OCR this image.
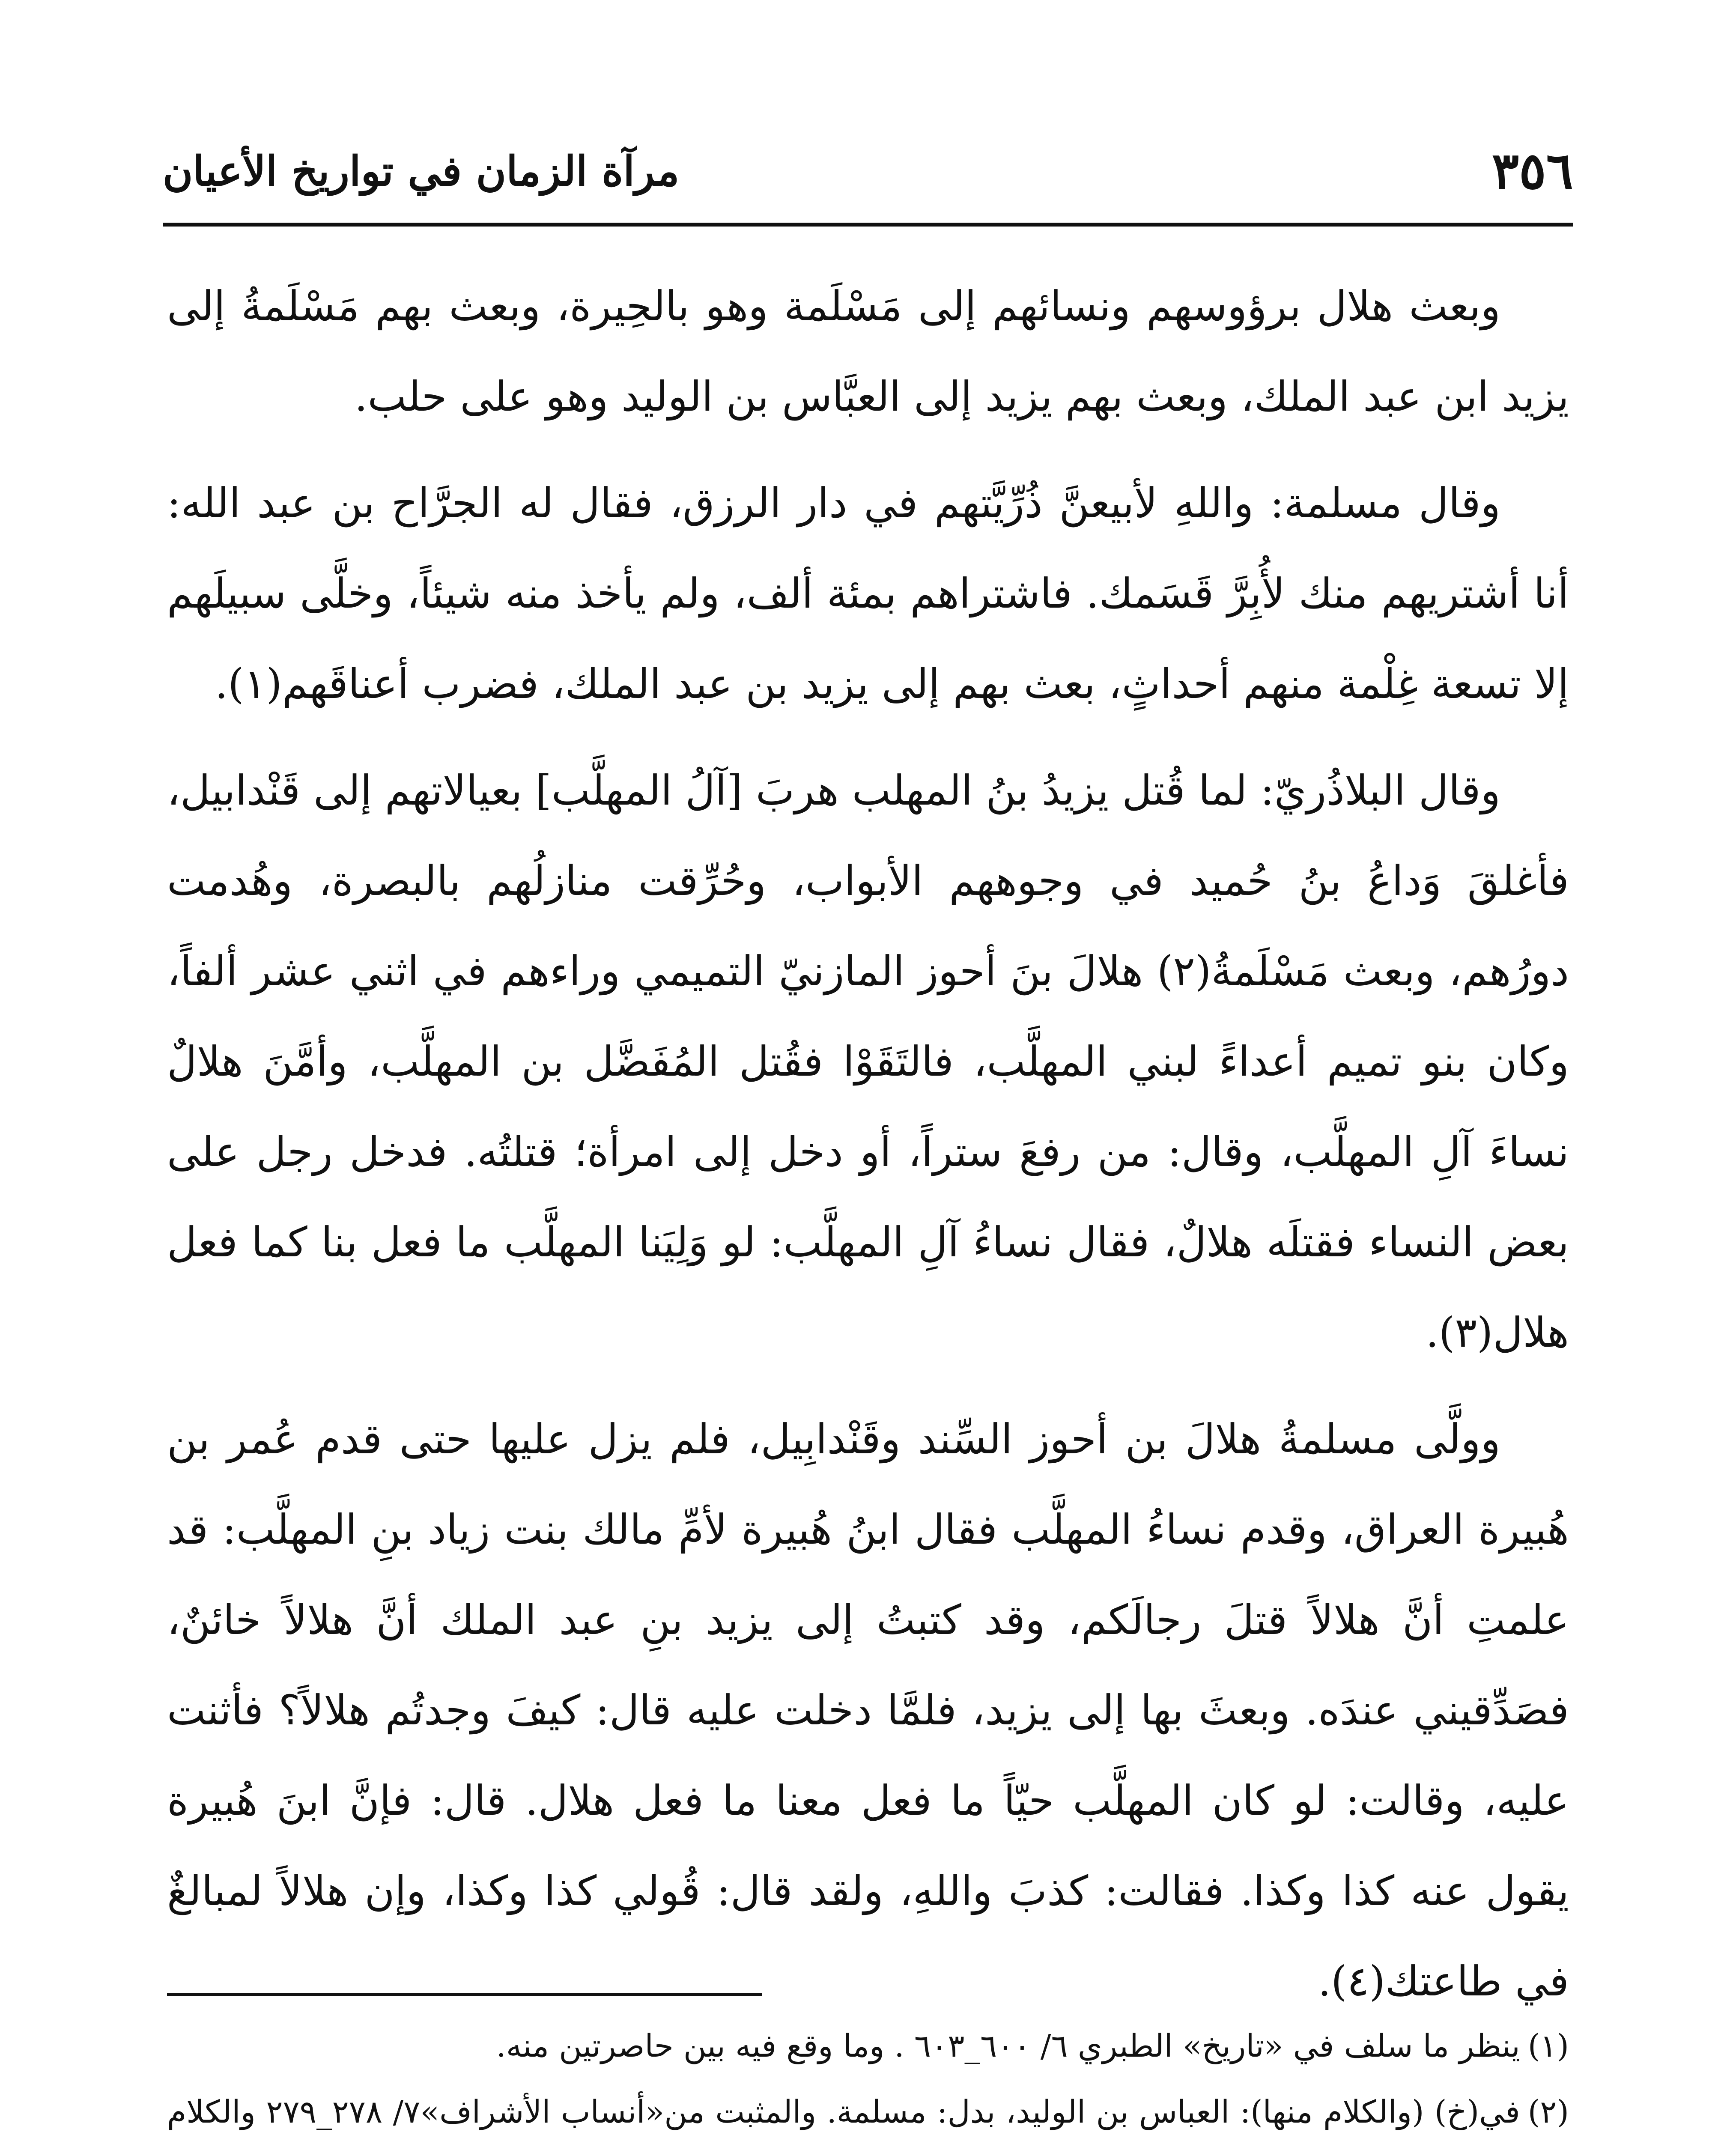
٣٥٦
مرآة الزمان في تواريخ الأعيان

وبعث هلال برؤوسهم ونسائهم إلى مَسْلَمة وهو بالحِيرة، وبعث بهم مَسْلَمةُ إلى يزيد ابن عبد الملك، وبعث بهم يزيد إلى العبَّاس بن الوليد وهو على حلب.

وقال مسلمة: واللهِ لأبيعنَّ ذُرِّيَّتهم في دار الرزق، فقال له الجرَّاح بن عبد الله: أنا أشتريهم منك لأُبِرَّ قَسَمك. فاشتراهم بمئة ألف، ولم يأخذ منه شيئاً، وخلَّى سبيلَهم إلا تسعة غِلْمة منهم أحداثٍ، بعث بهم إلى يزيد بن عبد الملك، فضرب أعناقَهم(١).

وقال البلاذُريّ: لما قُتل يزيدُ بنُ المهلب هربَ [آلُ المهلَّب] بعيالاتهم إلى قَنْدابيل، فأغلقَ وَداعُ بنُ حُميد في وجوههم الأبواب، وحُرِّقت منازلُهم بالبصرة، وهُدمت دورُهم، وبعث مَسْلَمةُ(٢) هلالَ بنَ أحوز المازنيّ التميمي وراءهم في اثني عشر ألفاً، وكان بنو تميم أعداءً لبني المهلَّب، فالتَقَوْا فقُتل المُفَضَّل بن المهلَّب، وأمَّنَ هلالٌ نساءَ آلِ المهلَّب، وقال: من رفعَ ستراً، أو دخل إلى امرأة؛ قتلتُه. فدخل رجل على بعض النساء فقتلَه هلالٌ، فقال نساءُ آلِ المهلَّب: لو وَلِيَنا المهلَّب ما فعل بنا كما فعل هلال(٣).

وولَّى مسلمةُ هلالَ بن أحوز السِّند وقَنْدابِيل، فلم يزل عليها حتى قدم عُمر بن هُبيرة العراق، وقدم نساءُ المهلَّب فقال ابنُ هُبيرة لأمِّ مالك بنت زياد بنِ المهلَّب: قد علمتِ أنَّ هلالاً قتلَ رجالَكم، وقد كتبتُ إلى يزيد بنِ عبد الملك أنَّ هلالاً خائنٌ، فصَدِّقيني عندَه. وبعثَ بها إلى يزيد، فلمَّا دخلت عليه قال: كيفَ وجدتُم هلالاً؟ فأثنت عليه، وقالت: لو كان المهلَّب حيّاً ما فعل معنا ما فعل هلال. قال: فإنَّ ابنَ هُبيرة يقول عنه كذا وكذا. فقالت: كذبَ واللهِ، ولقد قال: قُولي كذا وكذا، وإن هلالاً لمبالغٌ في طاعتك(٤).

(١)ينظر ما سلف في «تاريخ» الطبري ٦/ ٦٠٠_٦٠٣ . وما وقع فيه بين حاصرتين منه.

(٢)في(خ) (والكلام منها): العباس بن الوليد، بدل: مسلمة. والمثبت من«أنساب الأشراف»٧/ ٢٧٨_٢٧٩ والكلام
